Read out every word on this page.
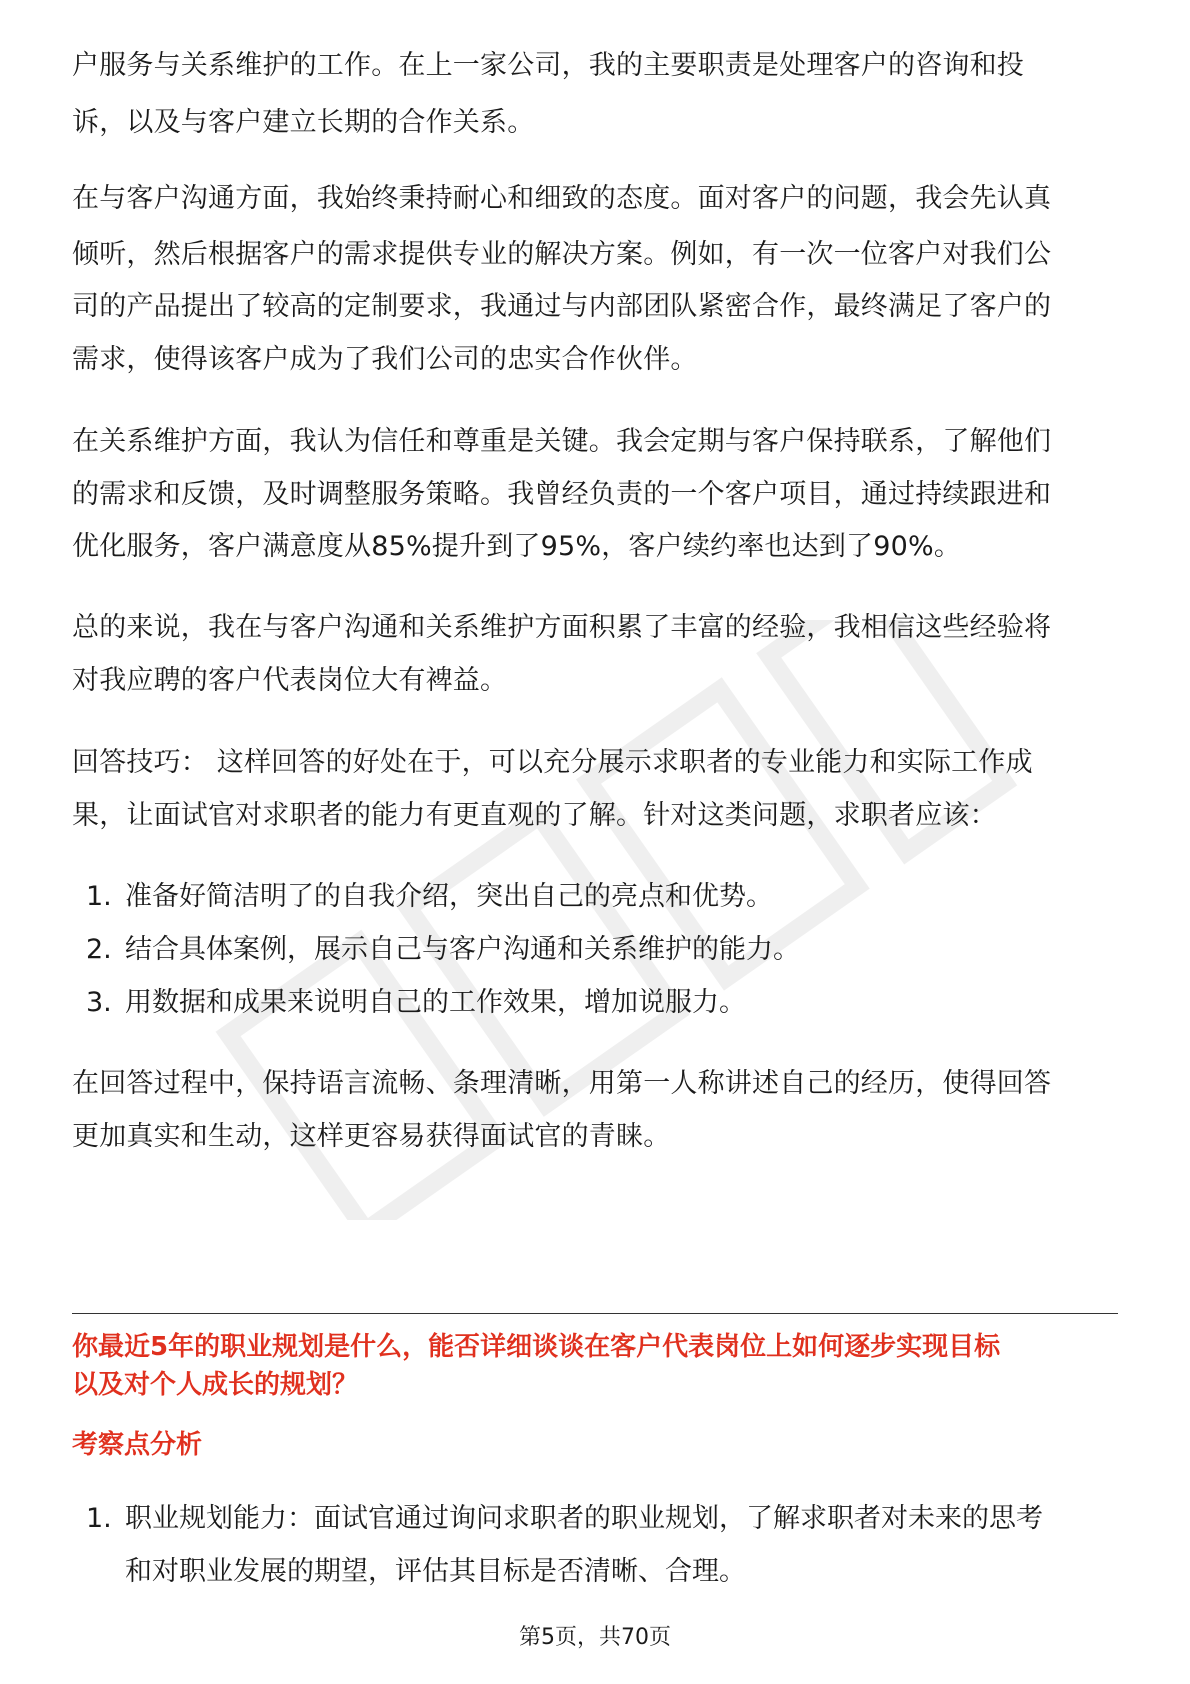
户服务与关系维护的工作。在上一家公司，我的主要职责是处理客户的咨询和投

诉，以及与客户建立长期的合作关系。

在与客户沟通方面，我始终秉持耐心和细致的态度。面对客户的问题，我会先认真

倾听，然后根据客户的需求提供专业的解决方案。例如，有一次一位客户对我们公

司的产品提出了较高的定制要求，我通过与内部团队紧密合作，最终满足了客户的

需求，使得该客户成为了我们公司的忠实合作伙伴。

在关系维护方面，我认为信任和尊重是关键。我会定期与客户保持联系，了解他们

的需求和反馈，及时调整服务策略。我曾经负责的一个客户项目，通过持续跟进和

优化服务，客户满意度从85%提升到了95%，客户续约率也达到了90%。

总的来说，我在与客户沟通和关系维护方面积累了丰富的经验，我相信这些经验将

对我应聘的客户代表岗位大有裨益。

回答技巧： 这样回答的好处在于，可以充分展示求职者的专业能力和实际工作成

果，让面试官对求职者的能力有更直观的了解。针对这类问题，求职者应该：

1. 准备好简洁明了的自我介绍，突出自己的亮点和优势。
2. 结合具体案例，展示自己与客户沟通和关系维护的能力。
3. 用数据和成果来说明自己的工作效果，增加说服力。

在回答过程中，保持语言流畅、条理清晰，用第一人称讲述自己的经历，使得回答

更加真实和生动，这样更容易获得面试官的青睐。

你最近5年的职业规划是什么，能否详细谈谈在客户代表岗位上如何逐步实现目标
以及对个人成长的规划？
考察点分析
1. 职业规划能力：面试官通过询问求职者的职业规划，了解求职者对未来的思考
和对职业发展的期望，评估其目标是否清晰、合理。
第5页，共70页
